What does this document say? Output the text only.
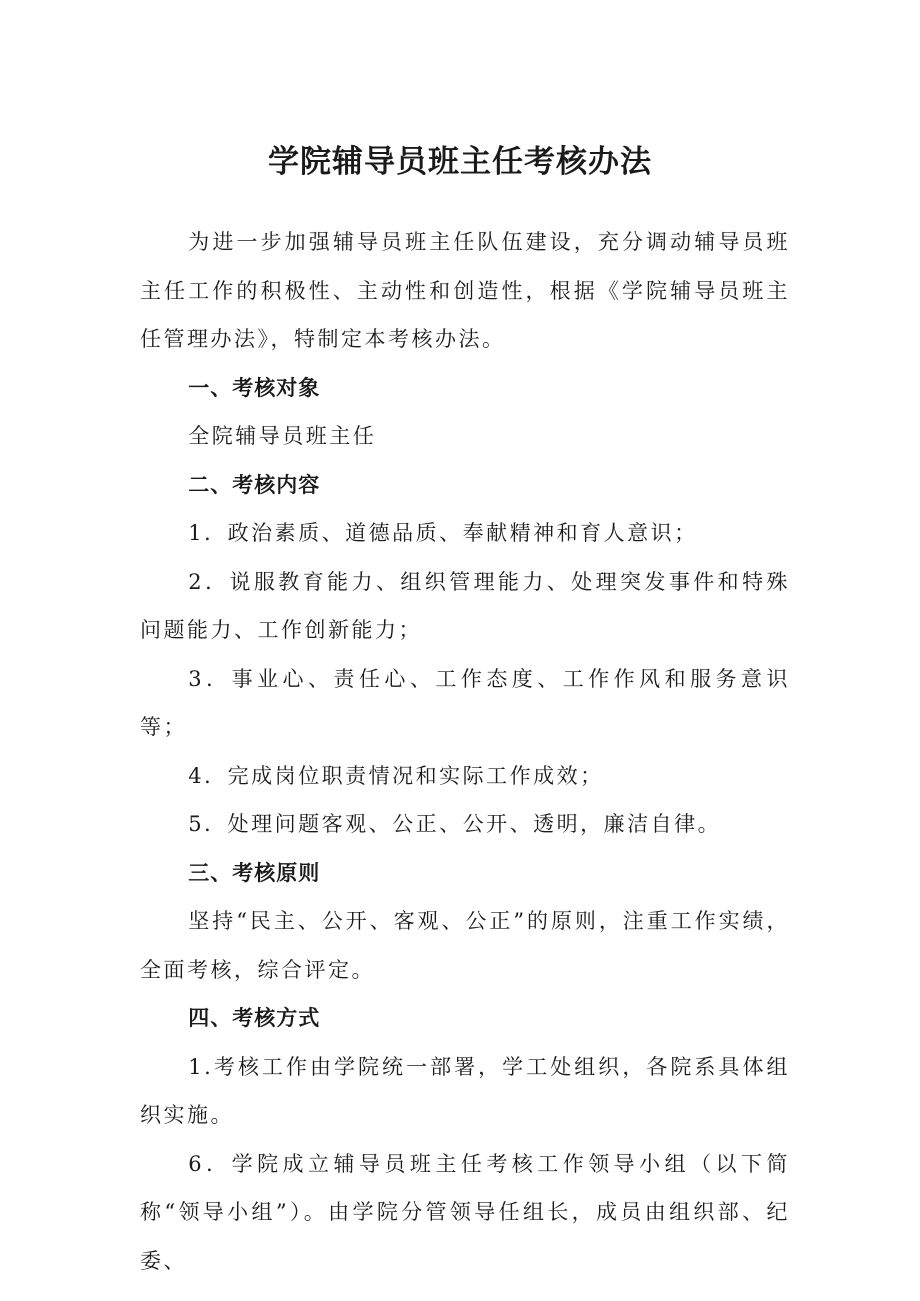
学院辅导员班主任考核办法

为进一步加强辅导员班主任队伍建设，充分调动辅导员班主任工作的积极性、主动性和创造性，根据《学院辅导员班主任管理办法》，特制定本考核办法。

一、考核对象

全院辅导员班主任

二、考核内容

1．政治素质、道德品质、奉献精神和育人意识；

2．说服教育能力、组织管理能力、处理突发事件和特殊问题能力、工作创新能力；

3．事业心、责任心、工作态度、工作作风和服务意识等；

4．完成岗位职责情况和实际工作成效；

5．处理问题客观、公正、公开、透明，廉洁自律。

三、考核原则

坚持“民主、公开、客观、公正”的原则，注重工作实绩，全面考核，综合评定。

四、考核方式

1.考核工作由学院统一部署，学工处组织，各院系具体组织实施。

6．学院成立辅导员班主任考核工作领导小组（以下简称“领导小组”）。由学院分管领导任组长，成员由组织部、纪委、
